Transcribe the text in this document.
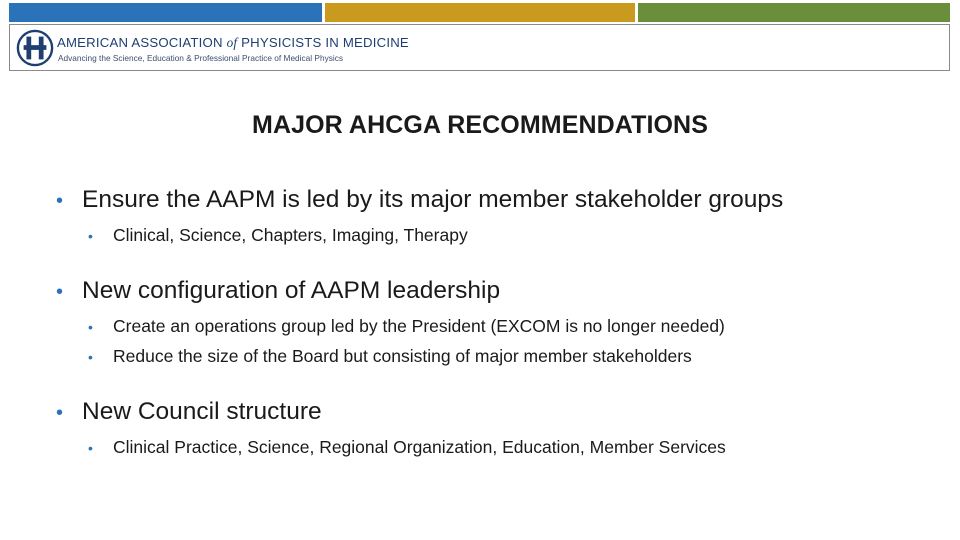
AMERICAN ASSOCIATION of PHYSICISTS IN MEDICINE
Advancing the Science, Education & Professional Practice of Medical Physics
MAJOR AHCGA RECOMMENDATIONS
• Ensure the AAPM is led by its major member stakeholder groups
•	Clinical, Science, Chapters, Imaging, Therapy
• New configuration of AAPM leadership
•	Create an operations group led by the President (EXCOM is no longer needed)
•	Reduce the size of the Board but consisting of major member stakeholders
• New Council structure
•	Clinical Practice, Science, Regional Organization, Education, Member Services
